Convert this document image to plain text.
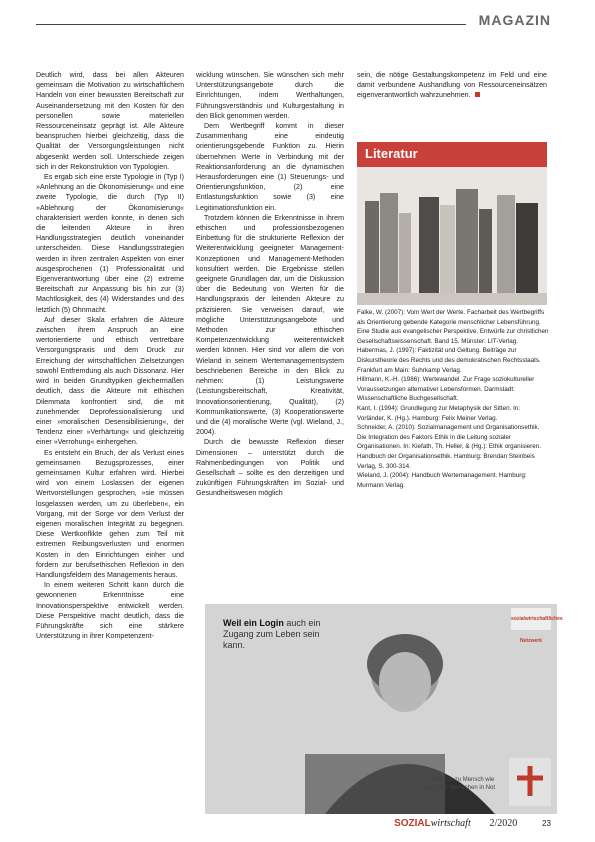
MAGAZIN

Deutlich wird, dass bei allen Akteuren gemeinsam die Motivation zu wirtschaftlichem Handeln von einer bewussten Bereitschaft zur Auseinandersetzung mit den Kosten für den personellen sowie materiellen Ressourceneinsatz geprägt ist. Alle Akteure beanspruchen hierbei gleichzeitig, dass die Qualität der Versorgungsleistungen nicht abgesenkt werden soll. Unterschiede zeigen sich in der Rekonstruktion von Typologien.

Es ergab sich eine erste Typologie in (Typ I) »Anlehnung an die Ökonomisierung« und eine zweite Typologie, die durch (Typ II) »Ablehnung der Ökonomisierung« charakterisiert werden konnte, in denen sich die leitenden Akteure in ihren Handlungsstrategien deutlich voneinander unterscheiden. Diese Handlungsstrategien werden in ihren zentralen Aspekten von einer ausgesprochenen (1) Professionalität und Eigenverantwortung über eine (2) extreme Bereitschaft zur Anpassung bis hin zur (3) Machtlosigkeit, des (4) Widerstandes und des letztlich (5) Ohnmacht.

Auf dieser Skala erfahren die Akteure zwischen ihrem Anspruch an eine wertorientierte und ethisch vertretbare Versorgungspraxis und dem Druck zur Erreichung der wirtschaftlichen Zielsetzungen sowohl Entfremdung als auch Dissonanz. Hier wird in beiden Grundtypiken gleichermaßen deutlich, dass die Akteure mit ethischen Dilemmata konfrontiert sind, die mit zunehmender Deprofessionalisierung und einer »moralischen Desensibilisierung«, der Tendenz einer »Verhärtung« und gleichzeitig einer »Verrohung« einhergehen.

Es entsteht ein Bruch, der als Verlust eines gemeinsamen Bezugsprozesses, einer gemeinsamen Kultur erfahren wird. Hierbei wird von einem Loslassen der eigenen Wertvorstellungen gesprochen, »sie müssen losgelassen werden, um zu überleben«, ein Vorgang, mit der Sorge vor dem Verlust der eigenen moralischen Integrität zu begegnen. Diese Wertkonflikte gehen zum Teil mit extremen Reibungsverlusten und enormen Kosten in den Einrichtungen einher und fordern zur berufsethischen Reflexion in den Handlungsfeldern des Managements heraus.

In einem weiteren Schritt kann durch die gewonnenen Erkenntnisse eine Innovationsperspektive entwickelt werden. Diese Perspektive macht deutlich, dass die Führungskräfte sich eine stärkere Unterstützung in ihrer Kompetenzent-

wicklung wünschen. Sie wünschen sich mehr Unterstützungsangebote durch die Einrichtungen, indem Werthaltungen, Führungsverständnis und Kulturgestaltung in den Blick genommen werden.

Dem Wertbegriff kommt in dieser Zusammenhang eine eindeutig orientierungsgebende Funktion zu. Hierin übernehmen Werte in Verbindung mit der Reaktionsanforderung an die dynamischen Herausforderungen eine (1) Steuerungs- und Orientierungsfunktion, (2) eine Entlastungsfunktion sowie (3) eine Legitimationsfunktion ein.

Trotzdem können die Erkenntnisse in ihrem ethischen und professionsbezogenen Einbettung für die strukturierte Reflexion der Weiterentwicklung geeigneter Management-Konzeptionen und Management-Methoden konsultiert werden. Die Ergebnisse stellen geeignete Grundlagen dar, um die Diskussion über die Bedeutung von Werten für die Handlungspraxis der leitenden Akteure zu präzisieren. Sie verweisen darauf, wie mögliche Unterstützungsangebote und Methoden zur ethischen Kompetenzentwicklung weiterentwickelt werden können. Hier sind vor allem die von Wieland in seinem Wertemanagementsystem beschriebenen Bereiche in den Blick zu nehmen: (1) Leistungswerte (Leistungsbereitschaft, Kreativität, Innovationsorientierung, Qualität), (2) Kommunikationswerte, (3) Kooperationswerte und die (4) moralische Werte (vgl. Wieland, J., 2004).

Durch die bewusste Reflexion dieser Dimensionen – unterstützt durch die Rahmenbedingungen von Politik und Gesellschaft – sollte es den derzeitigen und zukünftigen Führungskräften im Sozial- und Gesundheitswesen möglich

sein, die nötige Gestaltungskompetenz im Feld und eine damit verbundene Aushandlung von Ressourceneinsätzen eigenverantwortlich wahrzunehmen.

Literatur

Falke, W. (2007): Vom Wert der Werte. Facharbeit des Wertbegriffs als Orientierung gebende Kategorie menschlicher Lebensführung. Eine Studie aus evangelischer Perspektive. Entwürfe zur christlichen Gesellschaftswissenschaft. Band 15. Münster: LIT-Verlag.

Habermas, J. (1997): Faktizität und Geltung. Beiträge zur Diskurstheorie des Rechts und des demokratischen Rechtsstaats. Frankfurt am Main: Suhrkamp Verlag.

Hillmann, K.-H. (1986): Wertewandel. Zur Frage soziokultureller Voraussetzungen alternativer Lebensformen. Darmstadt: Wissenschaftliche Buchgesellschaft.

Kant, I. (1994): Grundlegung zur Metaphysik der Sitten. In: Vorländer, K. (Hg.). Hamburg: Felix Meiner Verlag.

Schneider, A. (2010): Sozialmanagement und Organisationsethik. Die Integration des Faktors Ethik in die Leitung sozialer Organisationen. In: Kiefath, Th. Heller, & (Hg.): Ethik organisieren. Handbuch der Organisationsethik. Hamburg: Brendan Steinbeis Verlag, S. 300-314.

Wieland, J. (2004): Handbuch Wertemanagement. Hamburg: Murmann Verlag.

sozialwirtschaftliches Netzwerk
Weil ein Login auch ein Zugang zum Leben sein kann.
Von Mensch zu Mensch wie es geht für Menschen in Not
SOZIALwirtschaft 2/2020	23
